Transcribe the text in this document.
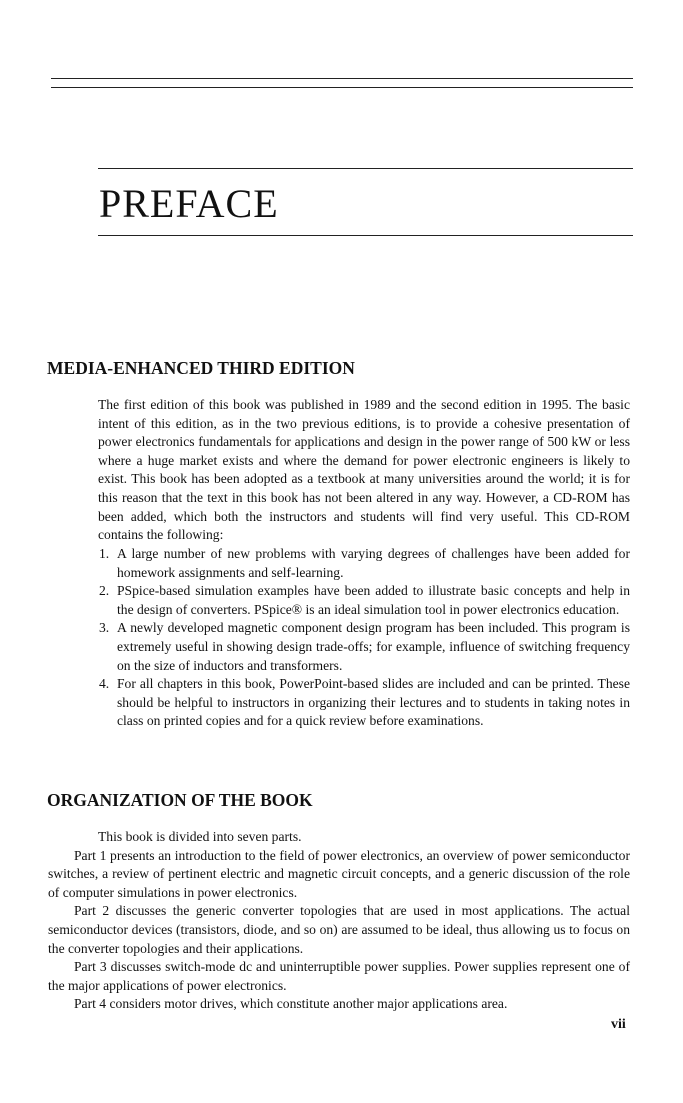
PREFACE
MEDIA-ENHANCED THIRD EDITION

The first edition of this book was published in 1989 and the second edition in 1995. The basic intent of this edition, as in the two previous editions, is to provide a cohesive presentation of power electronics fundamentals for applications and design in the power range of 500 kW or less where a huge market exists and where the demand for power electronic engineers is likely to exist. This book has been adopted as a textbook at many universities around the world; it is for this reason that the text in this book has not been altered in any way. However, a CD-ROM has been added, which both the instructors and students will find very useful. This CD-ROM contains the following:

1. A large number of new problems with varying degrees of challenges have been added for homework assignments and self-learning.
2. PSpice-based simulation examples have been added to illustrate basic concepts and help in the design of converters. PSpice® is an ideal simulation tool in power electronics education.
3. A newly developed magnetic component design program has been included. This program is extremely useful in showing design trade-offs; for example, influence of switching frequency on the size of inductors and transformers.
4. For all chapters in this book, PowerPoint-based slides are included and can be printed. These should be helpful to instructors in organizing their lectures and to students in taking notes in class on printed copies and for a quick review before examinations.
ORGANIZATION OF THE BOOK

This book is divided into seven parts.

Part 1 presents an introduction to the field of power electronics, an overview of power semiconductor switches, a review of pertinent electric and magnetic circuit concepts, and a generic discussion of the role of computer simulations in power electronics.

Part 2 discusses the generic converter topologies that are used in most applications. The actual semiconductor devices (transistors, diode, and so on) are assumed to be ideal, thus allowing us to focus on the converter topologies and their applications.

Part 3 discusses switch-mode dc and uninterruptible power supplies. Power supplies represent one of the major applications of power electronics.

Part 4 considers motor drives, which constitute another major applications area.

vii
